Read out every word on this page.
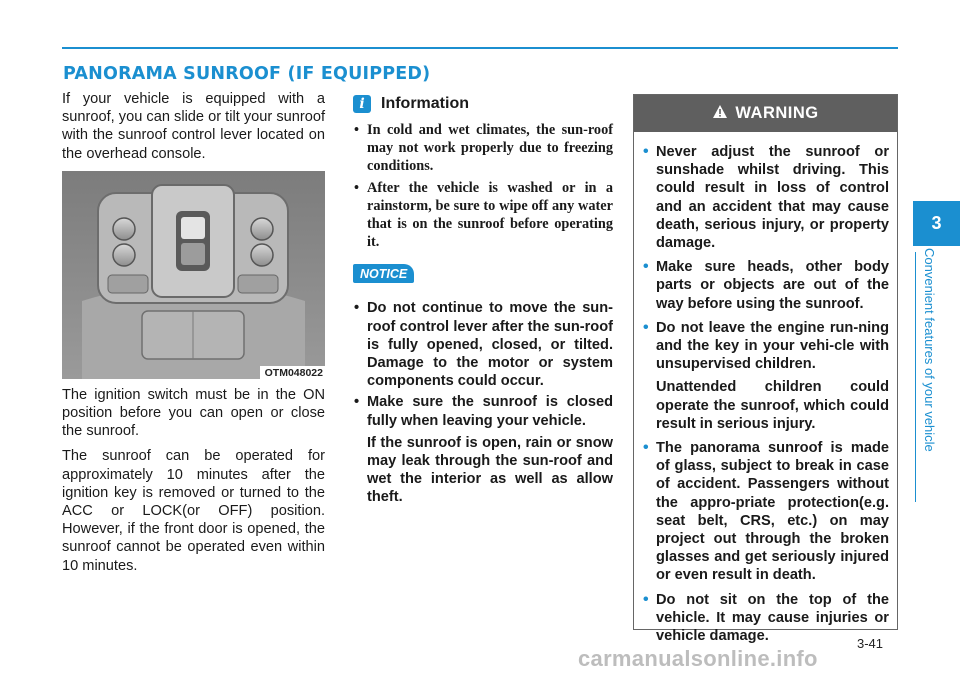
PANORAMA SUNROOF (IF EQUIPPED)

If your vehicle is equipped with a sunroof, you can slide or tilt your sunroof with the sunroof control lever located on the overhead console.

OTM048022

The ignition switch must be in the ON position before you can open or close the sunroof.

The sunroof can be operated for approximately 10 minutes after the ignition key is removed or turned to the ACC or LOCK(or OFF) position. However, if the front door is opened, the sunroof cannot be operated even within 10 minutes.

i	Information
• In cold and wet climates, the sun-roof may not work properly due to freezing conditions.
• After the vehicle is washed or in a rainstorm, be sure to wipe off any water that is on the sunroof before operating it.
NOTICE
• Do not continue to move the sun-roof control lever after the sun-roof is fully opened, closed, or tilted. Damage to the motor or system components could occur.
• Make sure the sunroof is closed fully when leaving your vehicle.

If the sunroof is open, rain or snow may leak through the sun-roof and wet the interior as well as allow theft.

WARNING
• Never adjust the sunroof or sunshade whilst driving. This could result in loss of control and an accident that may cause death, serious injury, or property damage.
• Make sure heads, other body parts or objects are out of the way before using the sunroof.
• Do not leave the engine run-ning and the key in your vehi-cle with unsupervised children.

Unattended children could operate the sunroof, which could result in serious injury.

• The panorama sunroof is made of glass, subject to break in case of accident. Passengers without the appro-priate protection(e.g. seat belt, CRS, etc.) on may project out through the broken glasses and get seriously injured or even result in death.
• Do not sit on the top of the vehicle. It may cause injuries or vehicle damage.	3-41
3
Convenient features of your vehicle
carmanualsonline.info
